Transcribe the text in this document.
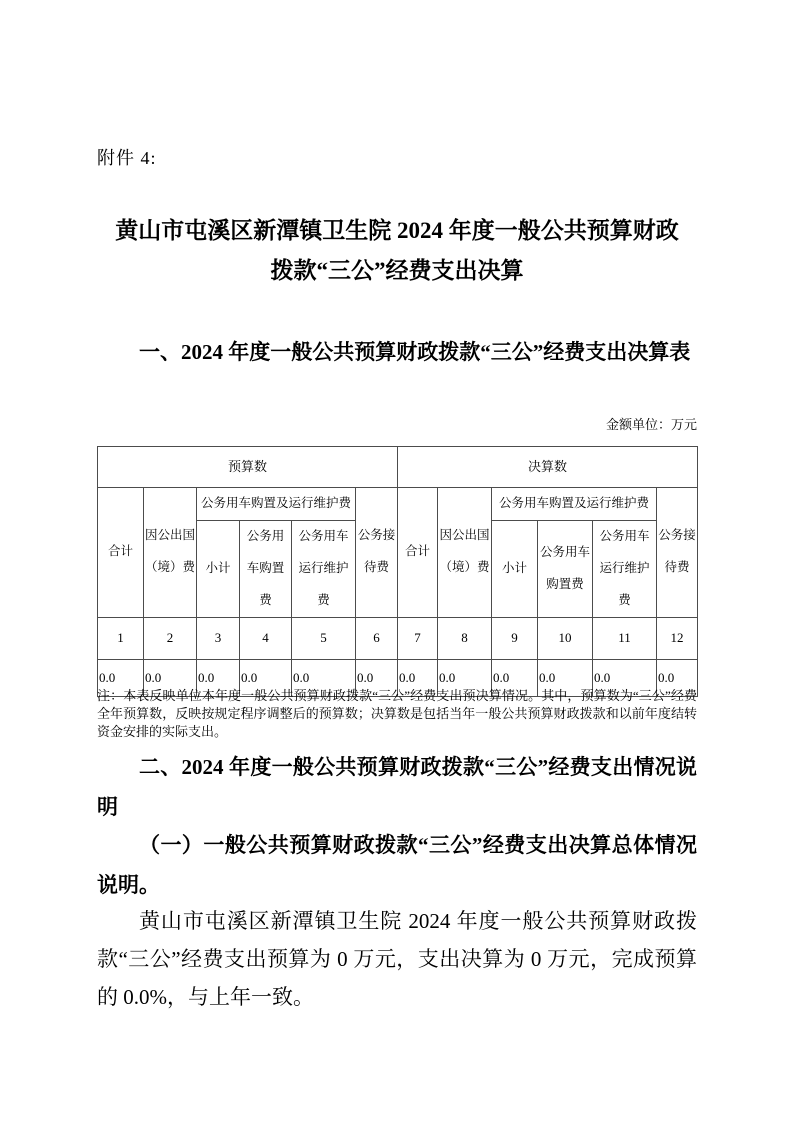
附件 4:
黄山市屯溪区新潭镇卫生院 2024 年度一般公共预算财政拨款“三公”经费支出决算
一、2024 年度一般公共预算财政拨款“三公”经费支出决算表
金额单位：万元
预算数						决算数					
合计	因公出国（境）费	公务用车购置及运行维护费			公务接待费	合计	因公出国（境）费	公务用车购置及运行维护费			公务接待费
		小计	公务用车购置费	公务用车运行维护费				小计	公务用车购置费	公务用车运行维护费	
1	2	3	4	5	6	7	8	9	10	11	12
0.0	0.0	0.0	0.0	0.0	0.0	0.0	0.0	0.0	0.0	0.0	0.0
注：本表反映单位本年度一般公共预算财政拨款“三公”经费支出预决算情况。其中，预算数为“三公”经费全年预算数，反映按规定程序调整后的预算数；决算数是包括当年一般公共预算财政拨款和以前年度结转资金安排的实际支出。
二、2024 年度一般公共预算财政拨款“三公”经费支出情况说明
（一）一般公共预算财政拨款“三公”经费支出决算总体情况说明。
黄山市屯溪区新潭镇卫生院 2024 年度一般公共预算财政拨款“三公”经费支出预算为 0 万元，支出决算为 0 万元，完成预算的 0.0%，与上年一致。
